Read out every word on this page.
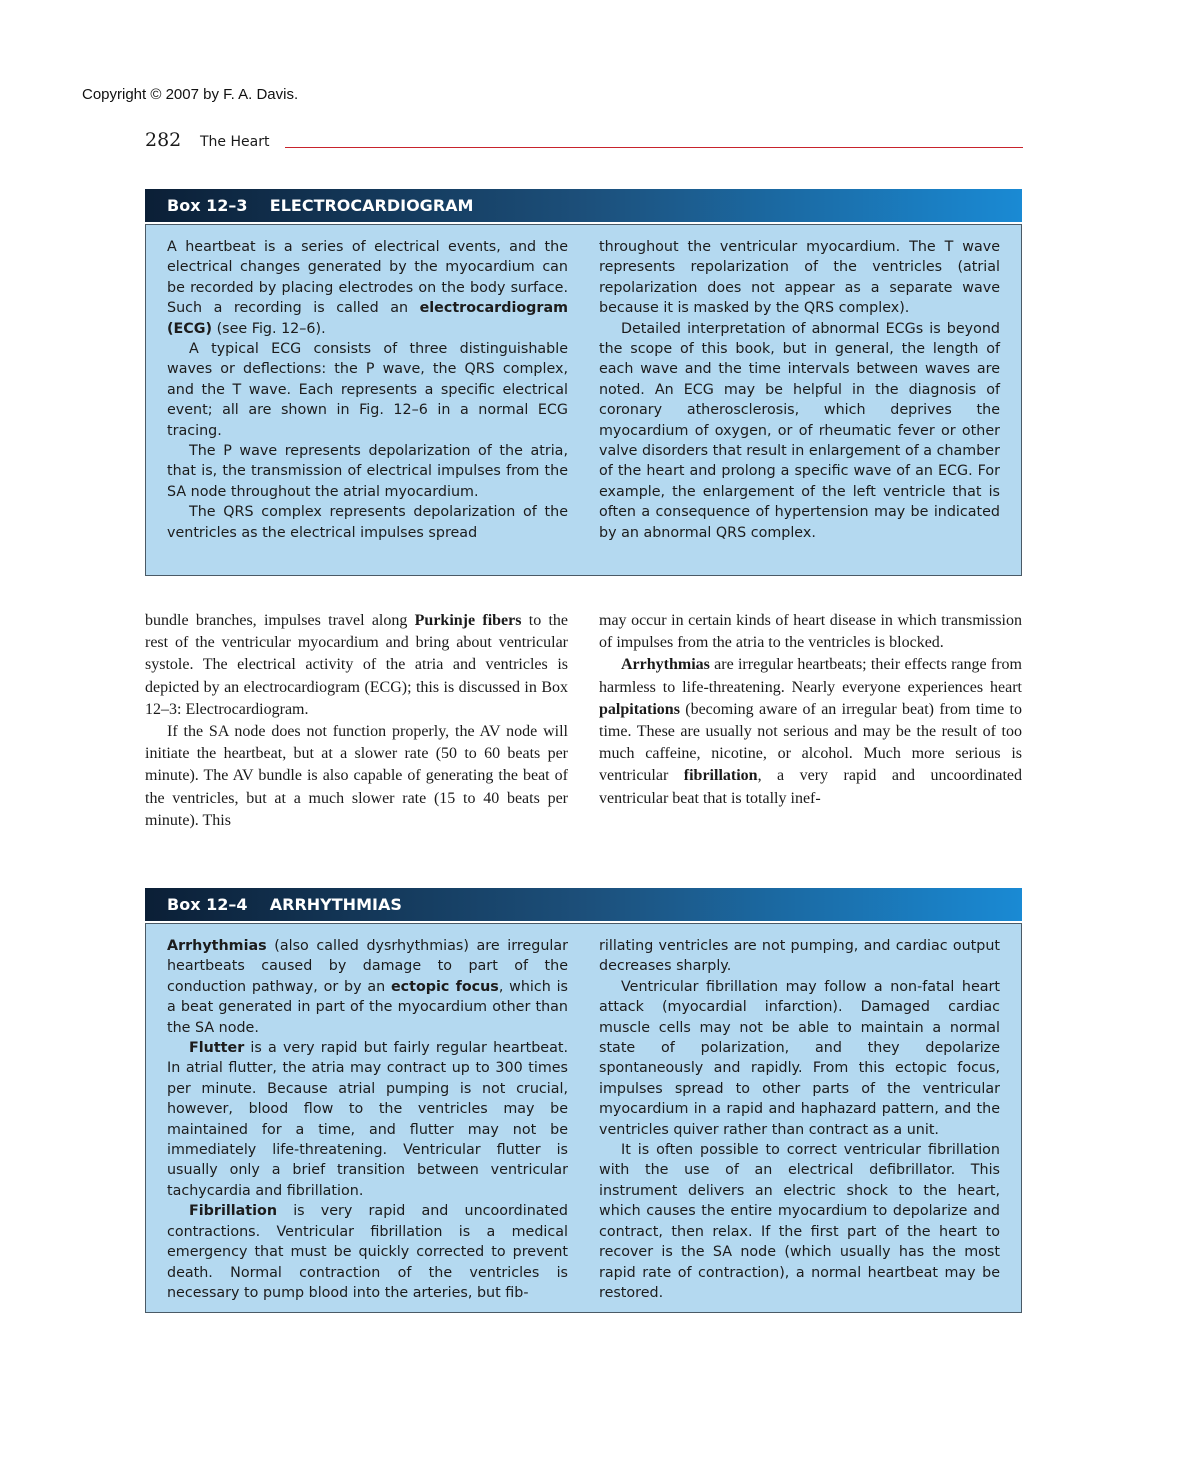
Copyright © 2007 by F. A. Davis.
282 The Heart
Box 12–3 ELECTROCARDIOGRAM

A heartbeat is a series of electrical events, and the electrical changes generated by the myocardium can be recorded by placing electrodes on the body surface. Such a recording is called an electrocardiogram (ECG) (see Fig. 12–6).

A typical ECG consists of three distinguishable waves or deflections: the P wave, the QRS complex, and the T wave. Each represents a specific electrical event; all are shown in Fig. 12–6 in a normal ECG tracing.

The P wave represents depolarization of the atria, that is, the transmission of electrical impulses from the SA node throughout the atrial myocardium.

The QRS complex represents depolarization of the ventricles as the electrical impulses spread

throughout the ventricular myocardium. The T wave represents repolarization of the ventricles (atrial repolarization does not appear as a separate wave because it is masked by the QRS complex).

Detailed interpretation of abnormal ECGs is beyond the scope of this book, but in general, the length of each wave and the time intervals between waves are noted. An ECG may be helpful in the diagnosis of coronary atherosclerosis, which deprives the myocardium of oxygen, or of rheumatic fever or other valve disorders that result in enlargement of a chamber of the heart and prolong a specific wave of an ECG. For example, the enlargement of the left ventricle that is often a consequence of hypertension may be indicated by an abnormal QRS complex.

bundle branches, impulses travel along Purkinje fibers to the rest of the ventricular myocardium and bring about ventricular systole. The electrical activity of the atria and ventricles is depicted by an electrocardiogram (ECG); this is discussed in Box 12–3: Electrocardiogram.

If the SA node does not function properly, the AV node will initiate the heartbeat, but at a slower rate (50 to 60 beats per minute). The AV bundle is also capable of generating the beat of the ventricles, but at a much slower rate (15 to 40 beats per minute). This

may occur in certain kinds of heart disease in which transmission of impulses from the atria to the ventricles is blocked.

Arrhythmias are irregular heartbeats; their effects range from harmless to life-threatening. Nearly everyone experiences heart palpitations (becoming aware of an irregular beat) from time to time. These are usually not serious and may be the result of too much caffeine, nicotine, or alcohol. Much more serious is ventricular fibrillation, a very rapid and uncoordinated ventricular beat that is totally inef-

Box 12–4 ARRHYTHMIAS

Arrhythmias (also called dysrhythmias) are irregular heartbeats caused by damage to part of the conduction pathway, or by an ectopic focus, which is a beat generated in part of the myocardium other than the SA node.

Flutter is a very rapid but fairly regular heartbeat. In atrial flutter, the atria may contract up to 300 times per minute. Because atrial pumping is not crucial, however, blood flow to the ventricles may be maintained for a time, and flutter may not be immediately life-threatening. Ventricular flutter is usually only a brief transition between ventricular tachycardia and fibrillation.

Fibrillation is very rapid and uncoordinated contractions. Ventricular fibrillation is a medical emergency that must be quickly corrected to prevent death. Normal contraction of the ventricles is necessary to pump blood into the arteries, but fib-

rillating ventricles are not pumping, and cardiac output decreases sharply.

Ventricular fibrillation may follow a non-fatal heart attack (myocardial infarction). Damaged cardiac muscle cells may not be able to maintain a normal state of polarization, and they depolarize spontaneously and rapidly. From this ectopic focus, impulses spread to other parts of the ventricular myocardium in a rapid and haphazard pattern, and the ventricles quiver rather than contract as a unit.

It is often possible to correct ventricular fibrillation with the use of an electrical defibrillator. This instrument delivers an electric shock to the heart, which causes the entire myocardium to depolarize and contract, then relax. If the first part of the heart to recover is the SA node (which usually has the most rapid rate of contraction), a normal heartbeat may be restored.
